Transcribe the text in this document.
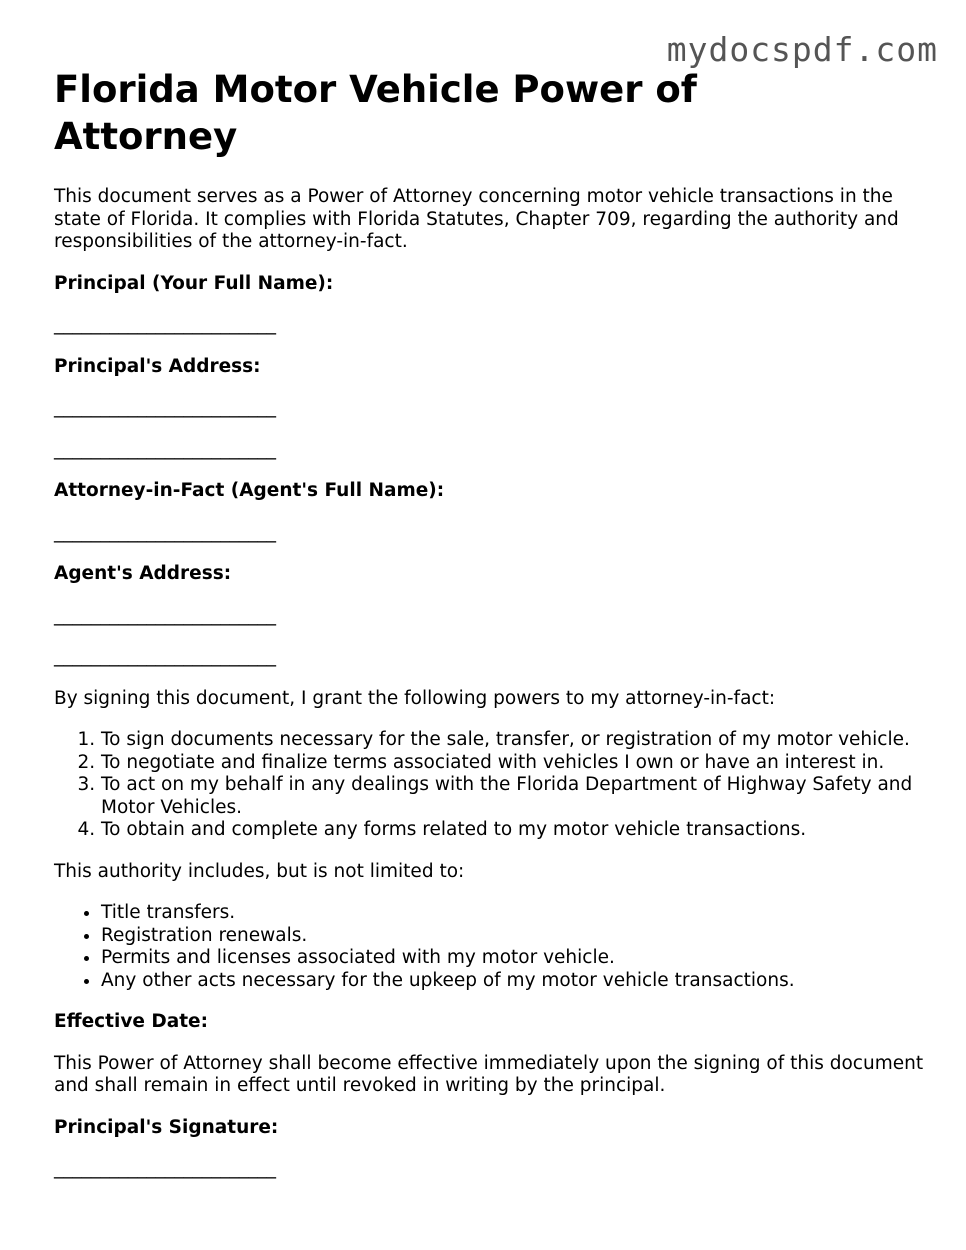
mydocspdf.com
Florida Motor Vehicle Power of Attorney

This document serves as a Power of Attorney concerning motor vehicle transactions in the state of Florida. It complies with Florida Statutes, Chapter 709, regarding the authority and responsibilities of the attorney-in-fact.

Principal (Your Full Name):
________________________
Principal's Address:
________________________
________________________
Attorney-in-Fact (Agent's Full Name):
________________________
Agent's Address:
________________________
________________________

By signing this document, I grant the following powers to my attorney-in-fact:

1. To sign documents necessary for the sale, transfer, or registration of my motor vehicle.
2. To negotiate and finalize terms associated with vehicles I own or have an interest in.
3. To act on my behalf in any dealings with the Florida Department of Highway Safety and Motor Vehicles.
4. To obtain and complete any forms related to my motor vehicle transactions.

This authority includes, but is not limited to:

• Title transfers.
• Registration renewals.
• Permits and licenses associated with my motor vehicle.
• Any other acts necessary for the upkeep of my motor vehicle transactions.
Effective Date:

This Power of Attorney shall become effective immediately upon the signing of this document and shall remain in effect until revoked in writing by the principal.

Principal's Signature:
________________________
